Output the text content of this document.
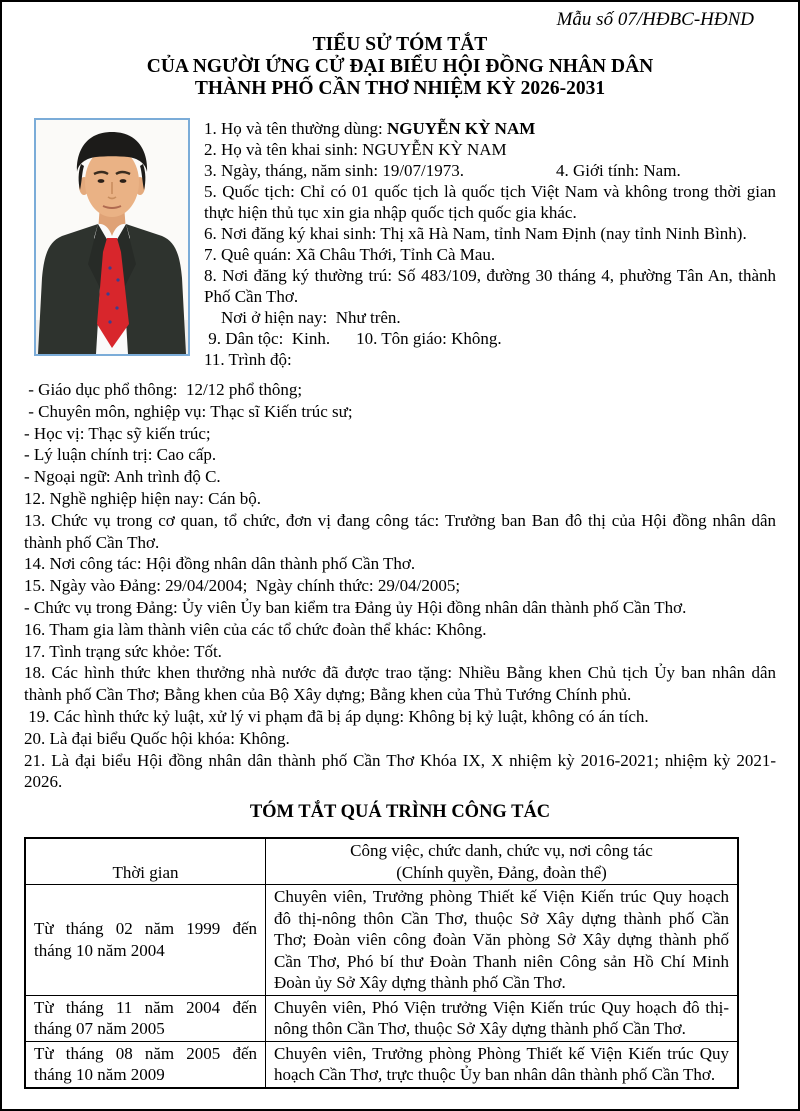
Mẫu số 07/HĐBC-HĐND
TIỂU SỬ TÓM TẮT
CỦA NGƯỜI ỨNG CỬ ĐẠI BIỂU HỘI ĐỒNG NHÂN DÂN
THÀNH PHỐ CẦN THƠ NHIỆM KỲ 2026-2031

1. Họ và tên thường dùng: NGUYỄN KỲ NAM

2. Họ và tên khai sinh: NGUYỄN KỲ NAM

3. Ngày, tháng, năm sinh: 19/07/1973.	4. Giới tính: Nam.

5. Quốc tịch: Chỉ có 01 quốc tịch là quốc tịch Việt Nam và không trong thời gian thực hiện thủ tục xin gia nhập quốc tịch quốc gia khác.

6. Nơi đăng ký khai sinh: Thị xã Hà Nam, tỉnh Nam Định (nay tỉnh Ninh Bình).

7. Quê quán: Xã Châu Thới, Tỉnh Cà Mau.

8. Nơi đăng ký thường trú: Số 483/109, đường 30 tháng 4, phường Tân An, thành Phố Cần Thơ.

Nơi ở hiện nay:  Như trên.

9. Dân tộc:  Kinh. 10. Tôn giáo: Không.

11. Trình độ:

- Giáo dục phổ thông:  12/12 phổ thông;

- Chuyên môn, nghiệp vụ: Thạc sĩ Kiến trúc sư;

- Học vị: Thạc sỹ kiến trúc;

- Lý luận chính trị: Cao cấp.

- Ngoại ngữ: Anh trình độ C.

12. Nghề nghiệp hiện nay: Cán bộ.

13. Chức vụ trong cơ quan, tổ chức, đơn vị đang công tác: Trưởng ban Ban đô thị của Hội đồng nhân dân thành phố Cần Thơ.

14. Nơi công tác: Hội đồng nhân dân thành phố Cần Thơ.

15. Ngày vào Đảng: 29/04/2004;  Ngày chính thức: 29/04/2005;

- Chức vụ trong Đảng: Ủy viên Ủy ban kiểm tra Đảng ủy Hội đồng nhân dân thành phố Cần Thơ.

16. Tham gia làm thành viên của các tổ chức đoàn thể khác: Không.

17. Tình trạng sức khỏe: Tốt.

18. Các hình thức khen thưởng nhà nước đã được trao tặng: Nhiều Bằng khen Chủ tịch Ủy ban nhân dân thành phố Cần Thơ; Bằng khen của Bộ Xây dựng; Bằng khen của Thủ Tướng Chính phủ.

19. Các hình thức kỷ luật, xử lý vi phạm đã bị áp dụng: Không bị kỷ luật, không có án tích.

20. Là đại biểu Quốc hội khóa: Không.

21. Là đại biểu Hội đồng nhân dân thành phố Cần Thơ Khóa IX, X nhiệm kỳ 2016-2021; nhiệm kỳ 2021-2026.

TÓM TẮT QUÁ TRÌNH CÔNG TÁC
Thời gian	Công việc, chức danh, chức vụ, nơi công tác
(Chính quyền, Đảng, đoàn thể)

Từ tháng 02 năm 1999 đến tháng 10 năm 2004	Chuyên viên, Trưởng phòng Thiết kế Viện Kiến trúc Quy hoạch đô thị-nông thôn Cần Thơ, thuộc Sở Xây dựng thành phố Cần Thơ; Đoàn viên công đoàn Văn phòng Sở Xây dựng thành phố Cần Thơ, Phó bí thư Đoàn Thanh niên Công sản Hồ Chí Minh Đoàn ủy Sở Xây dựng thành phố Cần Thơ.
Từ tháng 11 năm 2004 đến tháng 07 năm 2005	Chuyên viên, Phó Viện trưởng Viện Kiến trúc Quy hoạch đô thị-nông thôn Cần Thơ, thuộc Sở Xây dựng thành phố Cần Thơ.
Từ tháng 08 năm 2005 đến tháng 10 năm 2009	Chuyên viên, Trưởng phòng Phòng Thiết kế Viện Kiến trúc Quy hoạch Cần Thơ, trực thuộc Ủy ban nhân dân thành phố Cần Thơ.
